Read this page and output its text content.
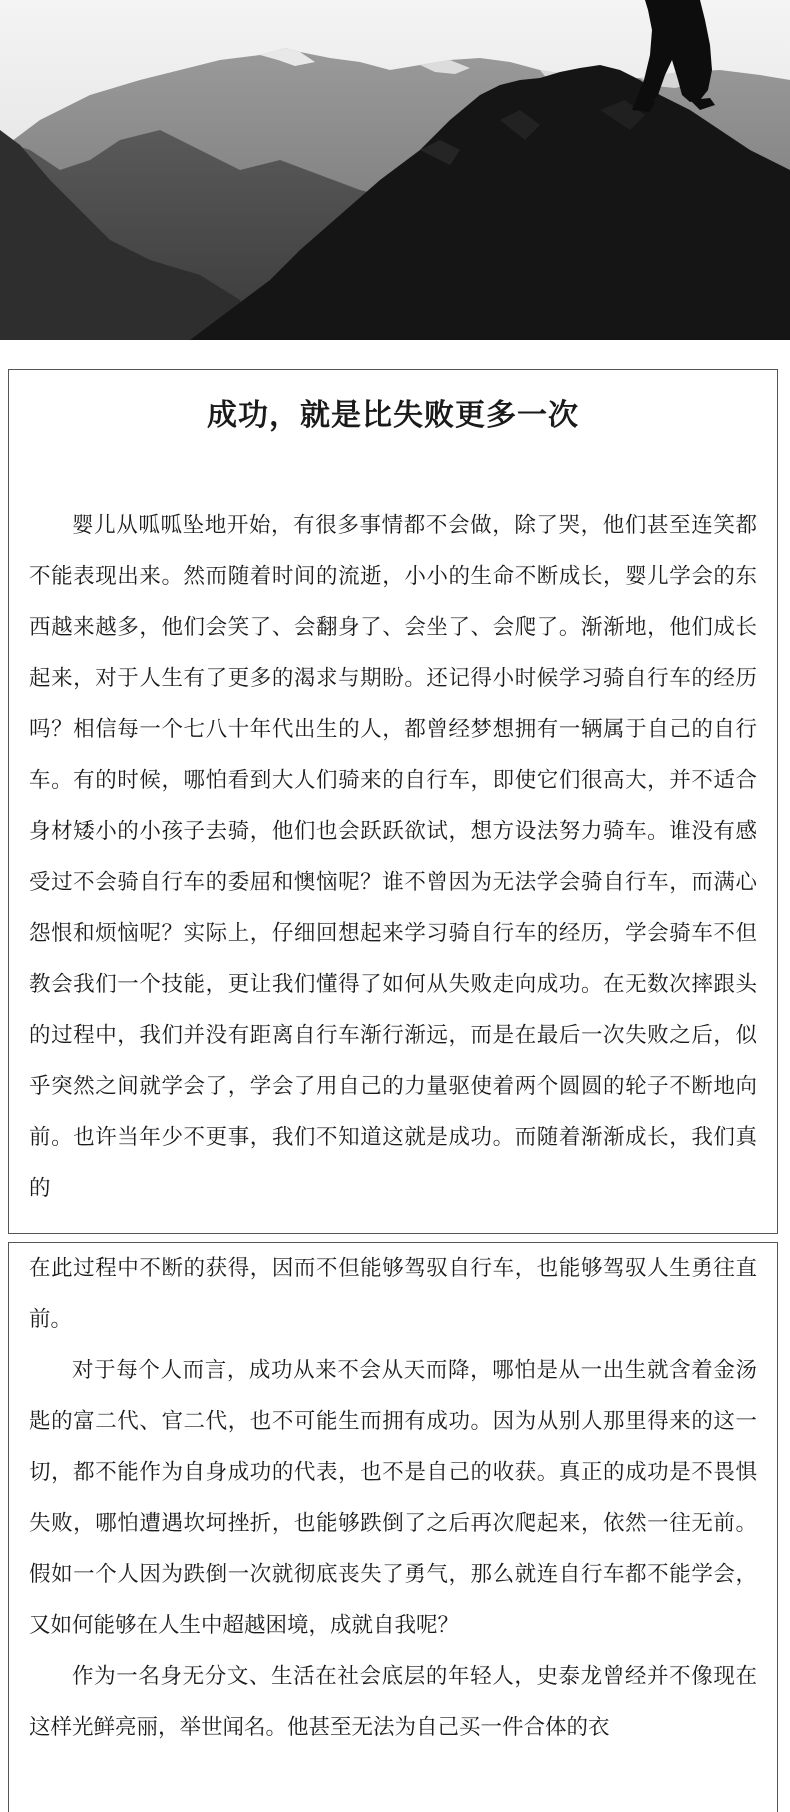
成功，就是比失败更多一次

婴儿从呱呱坠地开始，有很多事情都不会做，除了哭，他们甚至连笑都不能表现出来。然而随着时间的流逝，小小的生命不断成长，婴儿学会的东西越来越多，他们会笑了、会翻身了、会坐了、会爬了。渐渐地，他们成长起来，对于人生有了更多的渴求与期盼。还记得小时候学习骑自行车的经历吗？相信每一个七八十年代出生的人，都曾经梦想拥有一辆属于自己的自行车。有的时候，哪怕看到大人们骑来的自行车，即使它们很高大，并不适合身材矮小的小孩子去骑，他们也会跃跃欲试，想方设法努力骑车。谁没有感受过不会骑自行车的委屈和懊恼呢？谁不曾因为无法学会骑自行车，而满心怨恨和烦恼呢？实际上，仔细回想起来学习骑自行车的经历，学会骑车不但教会我们一个技能，更让我们懂得了如何从失败走向成功。在无数次摔跟头的过程中，我们并没有距离自行车渐行渐远，而是在最后一次失败之后，似乎突然之间就学会了，学会了用自己的力量驱使着两个圆圆的轮子不断地向前。也许当年少不更事，我们不知道这就是成功。而随着渐渐成长，我们真的

在此过程中不断的获得，因而不但能够驾驭自行车，也能够驾驭人生勇往直前。

对于每个人而言，成功从来不会从天而降，哪怕是从一出生就含着金汤匙的富二代、官二代，也不可能生而拥有成功。因为从别人那里得来的这一切，都不能作为自身成功的代表，也不是自己的收获。真正的成功是不畏惧失败，哪怕遭遇坎坷挫折，也能够跌倒了之后再次爬起来，依然一往无前。假如一个人因为跌倒一次就彻底丧失了勇气，那么就连自行车都不能学会，又如何能够在人生中超越困境，成就自我呢？

作为一名身无分文、生活在社会底层的年轻人，史泰龙曾经并不像现在这样光鲜亮丽，举世闻名。他甚至无法为自己买一件合体的衣
